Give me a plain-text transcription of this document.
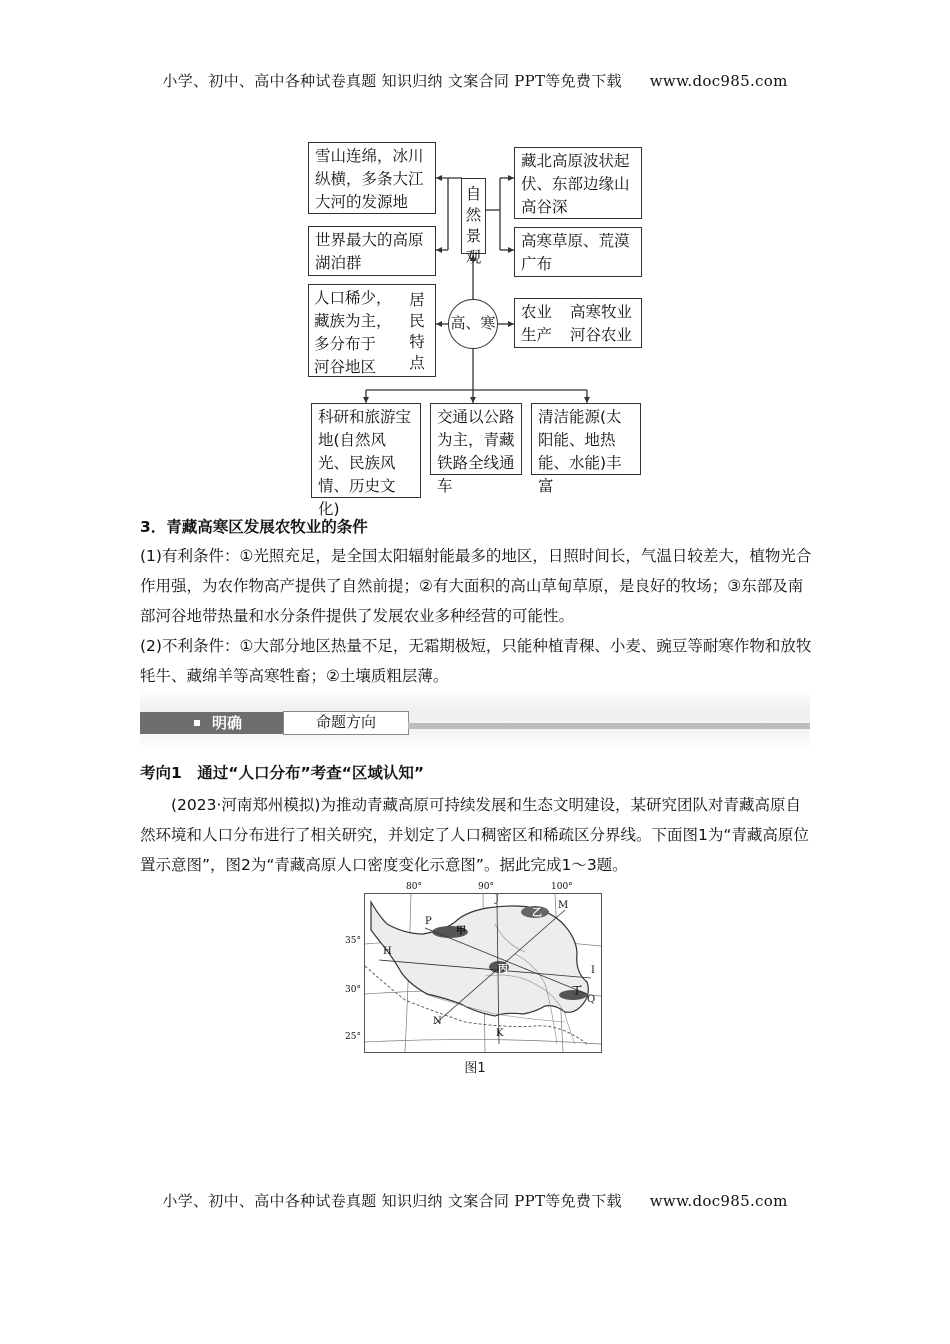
小学、初中、高中各种试卷真题 知识归纳 文案合同 PPT等免费下载 www.doc985.com
雪山连绵，冰川纵横，多条大江大河的发源地
世界最大的高原湖泊群
自
然
景
观
藏北高原波状起伏、东部边缘山高谷深
高寒草原、荒漠广布
高、寒
人口稀少，
藏族为主，
多分布于
河谷地区
居
民
特
点
农业
生产
高寒牧业
河谷农业
科研和旅游宝地(自然风光、民族风情、历史文化)
交通以公路为主，青藏铁路全线通车
清洁能源(太阳能、地热能、水能)丰富
3．青藏高寒区发展农牧业的条件
(1)有利条件：①光照充足，是全国太阳辐射能最多的地区，日照时间长，气温日较差大，植物光合作用强，为农作物高产提供了自然前提；②有大面积的高山草甸草原，是良好的牧场；③东部及南部河谷地带热量和水分条件提供了发展农业多种经营的可能性。
(2)不利条件：①大部分地区热量不足，无霜期极短，只能种植青稞、小麦、豌豆等耐寒作物和放牧牦牛、藏绵羊等高寒牲畜；②土壤质粗层薄。
明确	命题方向
考向1　通过“人口分布”考查“区域认知”
(2023·河南郑州模拟)为推动青藏高原可持续发展和生态文明建设，某研究团队对青藏高原自然环境和人口分布进行了相关研究，并划定了人口稠密区和稀疏区分界线。下面图1为“青藏高原位置示意图”，图2为“青藏高原人口密度变化示意图”。据此完成1～3题。
80°	90°	100°
35°
30°
25°
P
J
M
H
I
Q
N
K
甲
乙
丙
丁
图1
小学、初中、高中各种试卷真题 知识归纳 文案合同 PPT等免费下载 www.doc985.com
